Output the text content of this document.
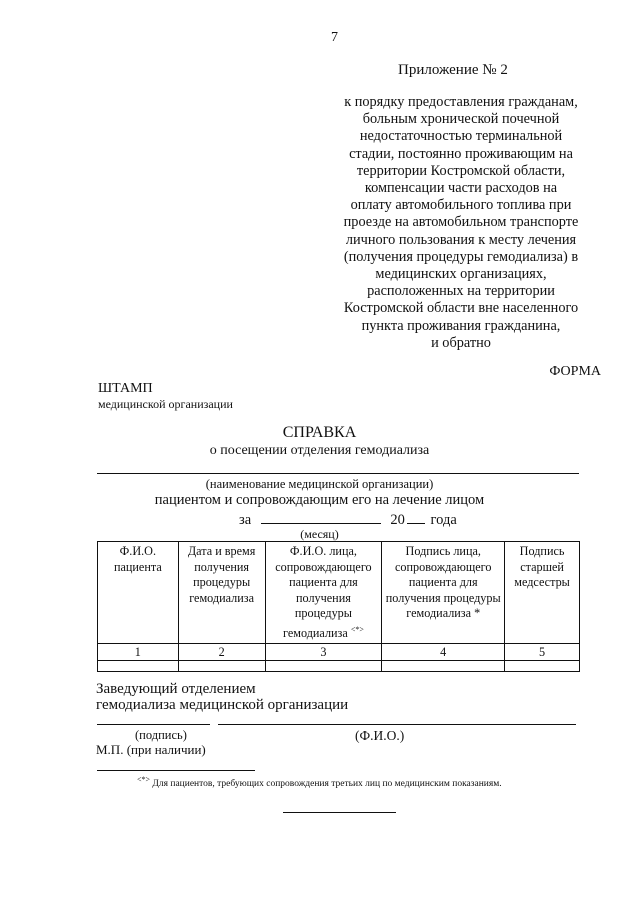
7
Приложение № 2
к порядку предоставления гражданам,
больным хронической почечной
недостаточностью терминальной
стадии, постоянно проживающим на
территории Костромской области,
компенсации части расходов на
оплату автомобильного топлива при
проезде на автомобильном транспорте
личного пользования к месту лечения
(получения процедуры гемодиализа) в
медицинских организациях,
расположенных на территории
Костромской области вне населенного
пункта проживания гражданина,
и обратно
ФОРМА
ШТАМП
медицинской организации
СПРАВКА
о посещении отделения гемодиализа
(наименование медицинской организации)
пациентом и сопровождающим его на лечение лицом
за	20 года
(месяц)
Ф.И.О. пациента	Дата и время получения процедуры гемодиализа	Ф.И.О. лица, сопровождающего пациента для получения процедуры гемодиализа <*>	Подпись лица, сопровождающего пациента для получения процедуры гемодиализа *	Подпись старшей медсестры
1	2	3	4	5

Заведующий отделением
гемодиализа медицинской организации
(подпись)	(Ф.И.О.)
М.П. (при наличии)
<*> Для пациентов, требующих сопровождения третьих лиц по медицинским показаниям.
